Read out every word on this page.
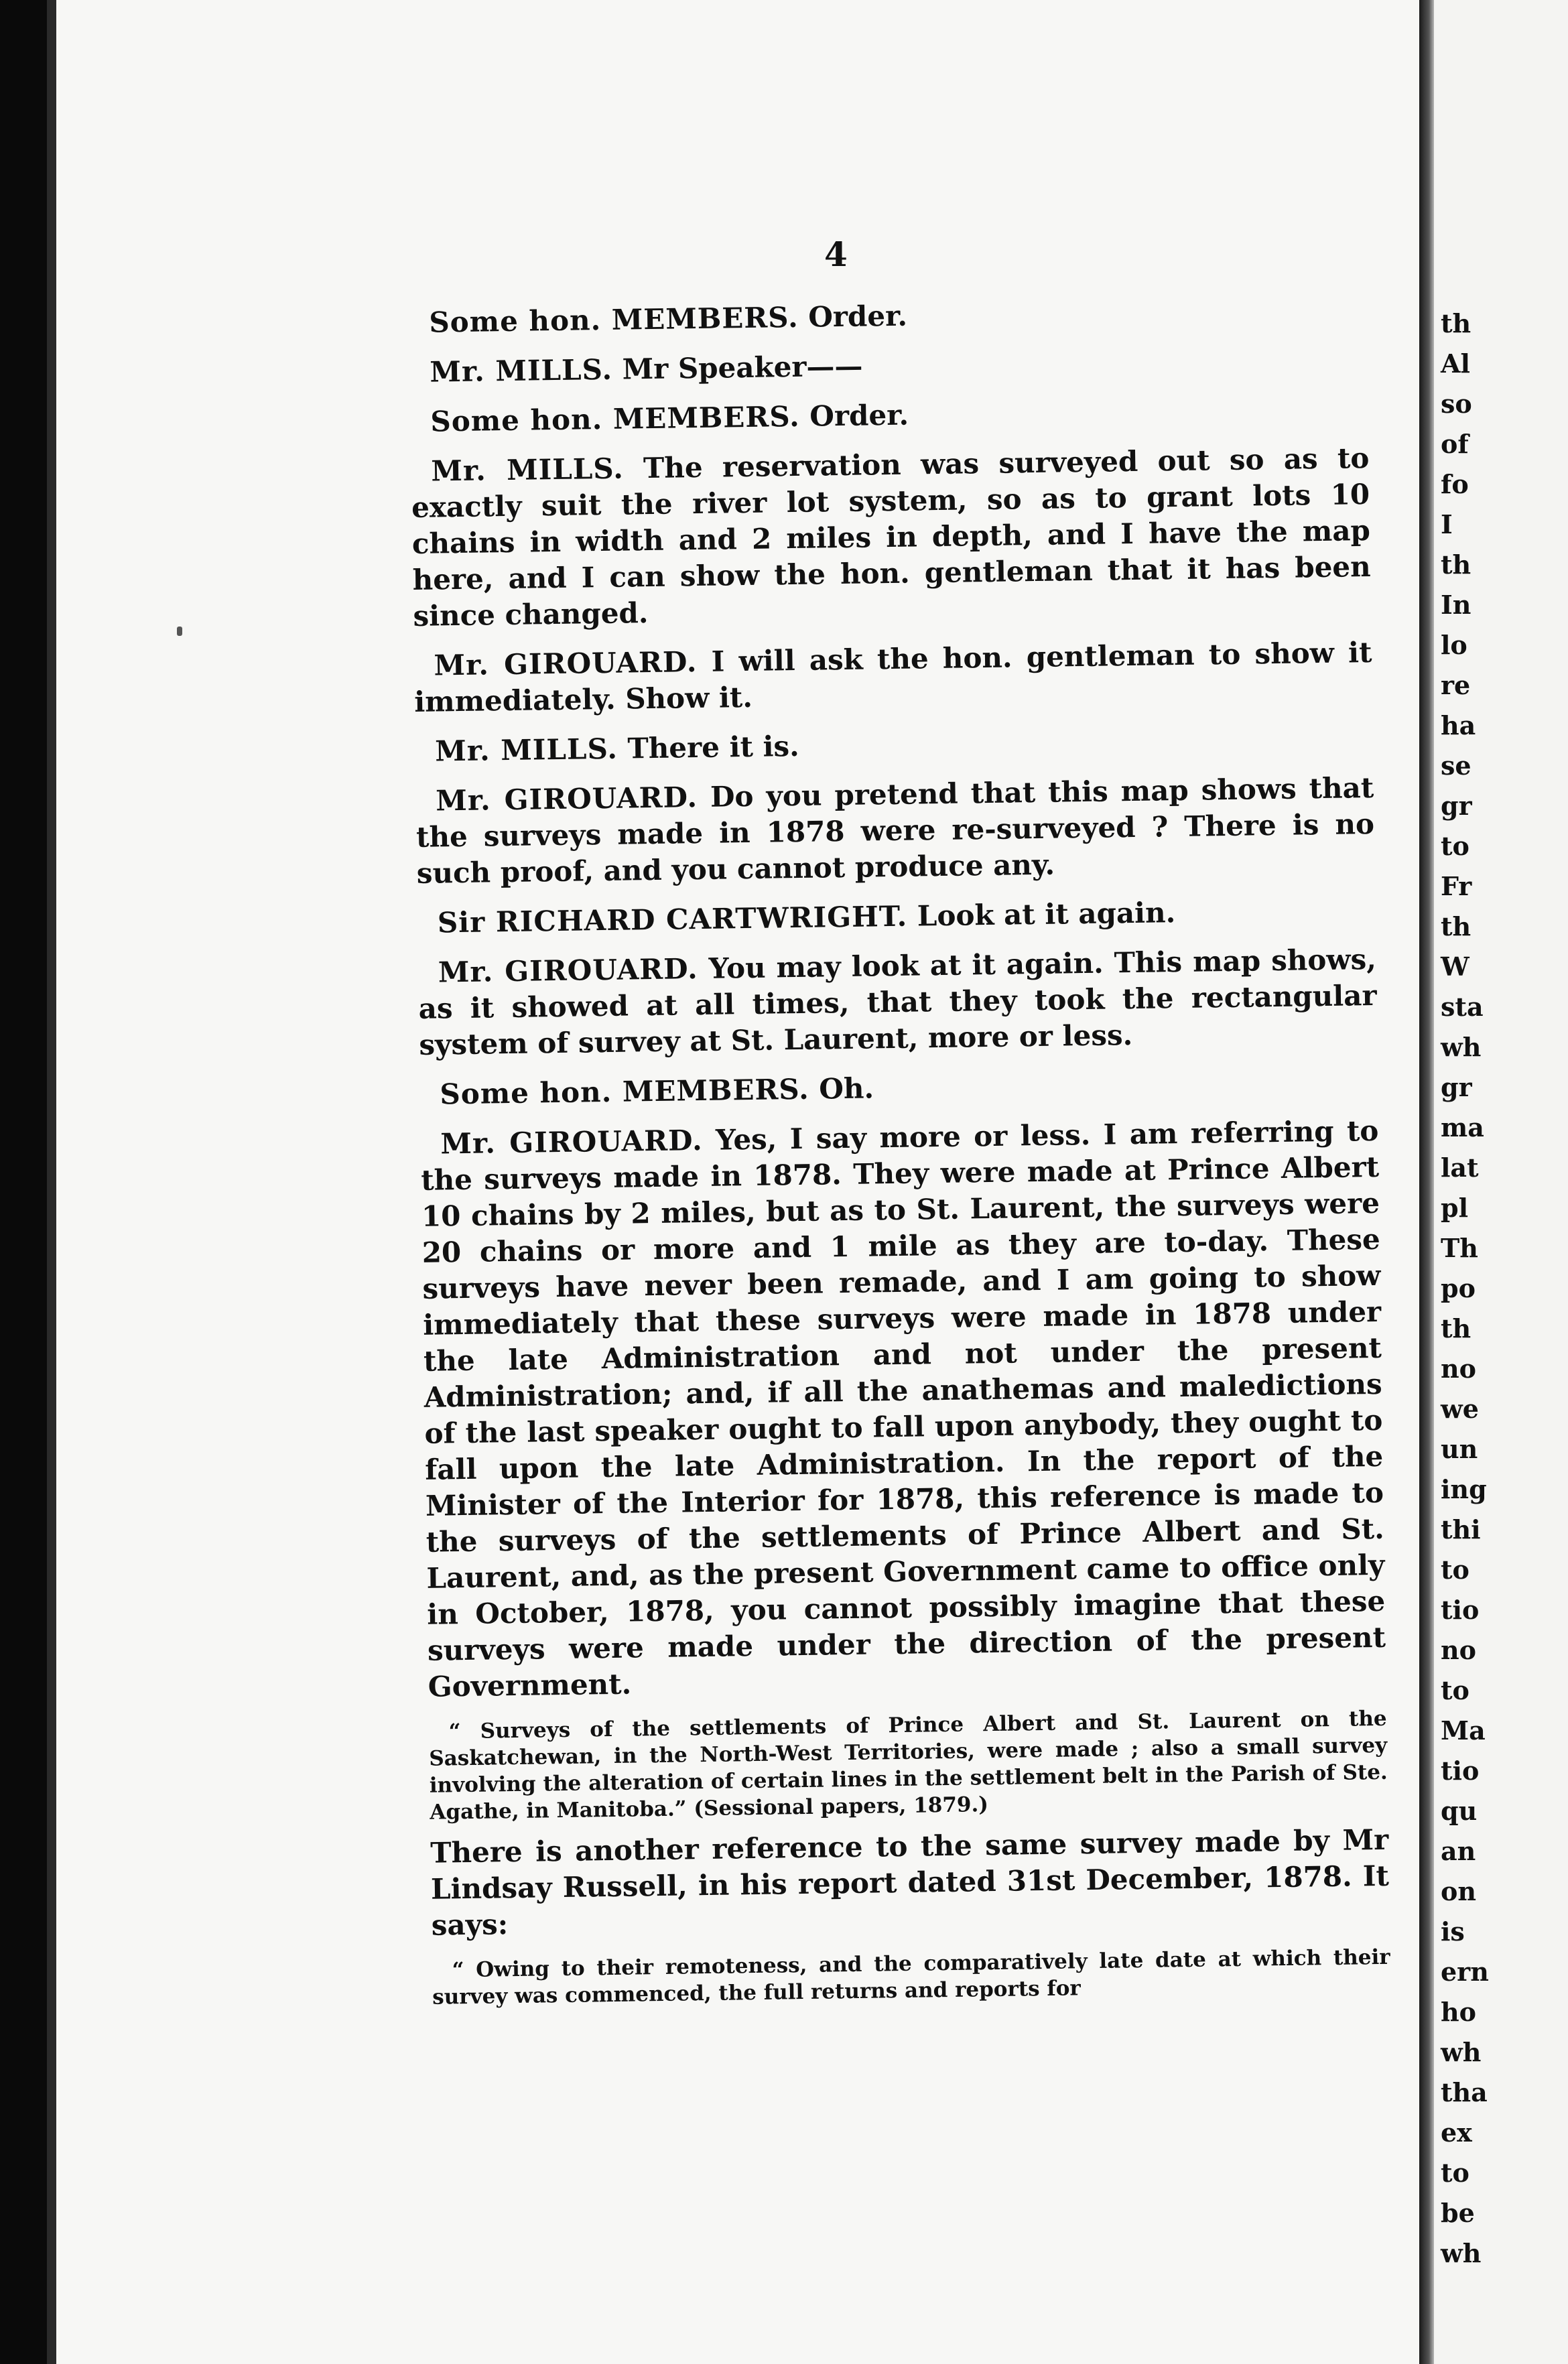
th
Al
so
of
fo
I
th
In
lo
re
ha
se
gr
to
Fr
th
W
sta
wh
gr
ma
lat
pl
Th
po
th
no
we
un
ing
thi
to
tio
no
to
Ma
tio
qu
an
on
is
ern
ho
wh
tha
ex
to
be
wh
4

Some hon. MEMBERS. Order.

Mr. MILLS. Mr Speaker——

Some hon. MEMBERS. Order.

Mr. MILLS. The reservation was surveyed out so as to exactly suit the river lot system, so as to grant lots 10 chains in width and 2 miles in depth, and I have the map here, and I can show the hon. gentleman that it has been since changed.

Mr. GIROUARD. I will ask the hon. gentleman to show it immediately. Show it.

Mr. MILLS. There it is.

Mr. GIROUARD. Do you pretend that this map shows that the surveys made in 1878 were re-surveyed ? There is no such proof, and you cannot produce any.

Sir RICHARD CARTWRIGHT. Look at it again.

Mr. GIROUARD. You may look at it again. This map shows, as it showed at all times, that they took the rectangular system of survey at St. Laurent, more or less.

Some hon. MEMBERS. Oh.

Mr. GIROUARD. Yes, I say more or less. I am referring to the surveys made in 1878. They were made at Prince Albert 10 chains by 2 miles, but as to St. Laurent, the surveys were 20 chains or more and 1 mile as they are to-day. These surveys have never been remade, and I am going to show immediately that these surveys were made in 1878 under the late Administration and not under the present Administration; and, if all the anathemas and maledictions of the last speaker ought to fall upon anybody, they ought to fall upon the late Administration. In the report of the Minister of the Interior for 1878, this reference is made to the surveys of the settlements of Prince Albert and St. Laurent, and, as the present Government came to office only in October, 1878, you cannot possibly imagine that these surveys were made under the direction of the present Government.

“ Surveys of the settlements of Prince Albert and St. Laurent on the Saskatchewan, in the North-West Territories, were made ; also a small survey involving the alteration of certain lines in the settlement belt in the Parish of Ste. Agathe, in Manitoba.” (Sessional papers, 1879.)

There is another reference to the same survey made by Mr Lindsay Russell, in his report dated 31st December, 1878. It says:

“ Owing to their remoteness, and the comparatively late date at which their survey was commenced, the full returns and reports for
